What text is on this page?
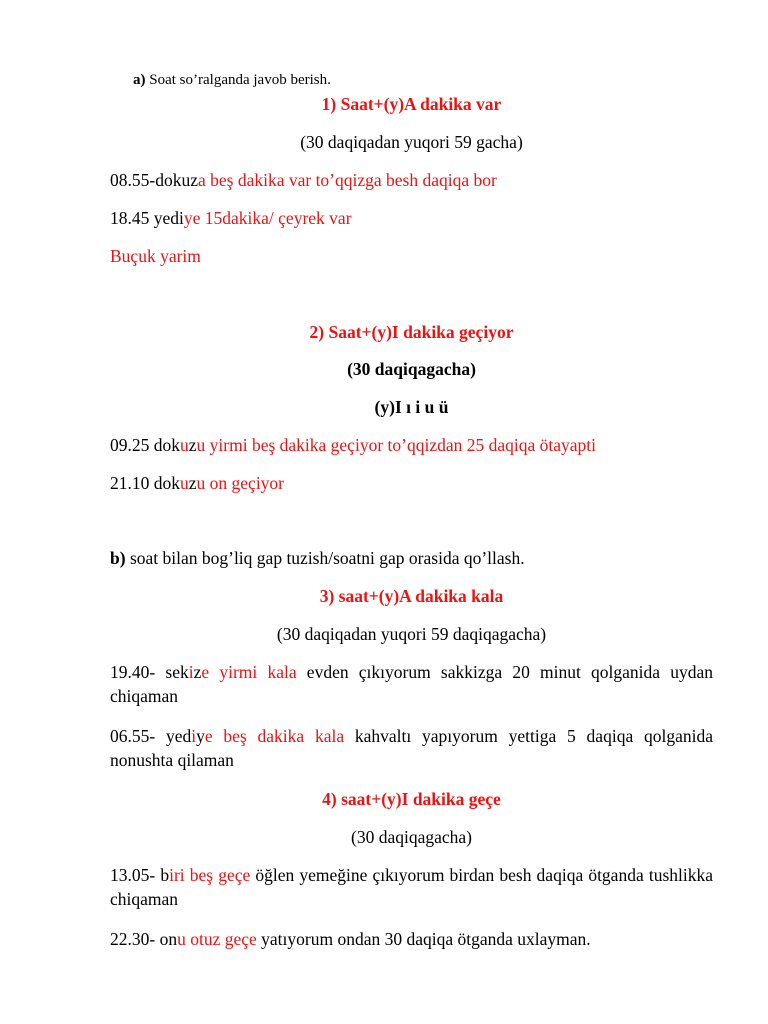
a) Soat so’ralganda javob berish.
1) Saat+(y)A dakika var
(30 daqiqadan yuqori 59 gacha)
08.55-dokuza beş dakika var to’qqizga besh daqiqa bor
18.45 yediye 15dakika/ çeyrek var
Buçuk yarim
2) Saat+(y)I dakika geçiyor
(30 daqiqagacha)
(y)I ı i u ü
09.25 dokuzu yirmi beş dakika geçiyor to’qqizdan 25 daqiqa ötayapti
21.10 dokuzu on geçiyor
b) soat bilan bog’liq gap tuzish/soatni gap orasida qo’llash.
3) saat+(y)A dakika kala
(30 daqiqadan yuqori 59 daqiqagacha)
19.40- sekize yirmi kala evden çıkıyorum sakkizga 20 minut qolganida uydan chiqaman
06.55- yediye beş dakika kala kahvaltı yapıyorum yettiga 5 daqiqa qolganida nonushta qilaman
4) saat+(y)I dakika geçe
(30 daqiqagacha)
13.05- biri beş geçe öğlen yemeğine çıkıyorum birdan besh daqiqa ötganda tushlikka chiqaman
22.30- onu otuz geçe yatıyorum ondan 30 daqiqa ötganda uxlayman.
